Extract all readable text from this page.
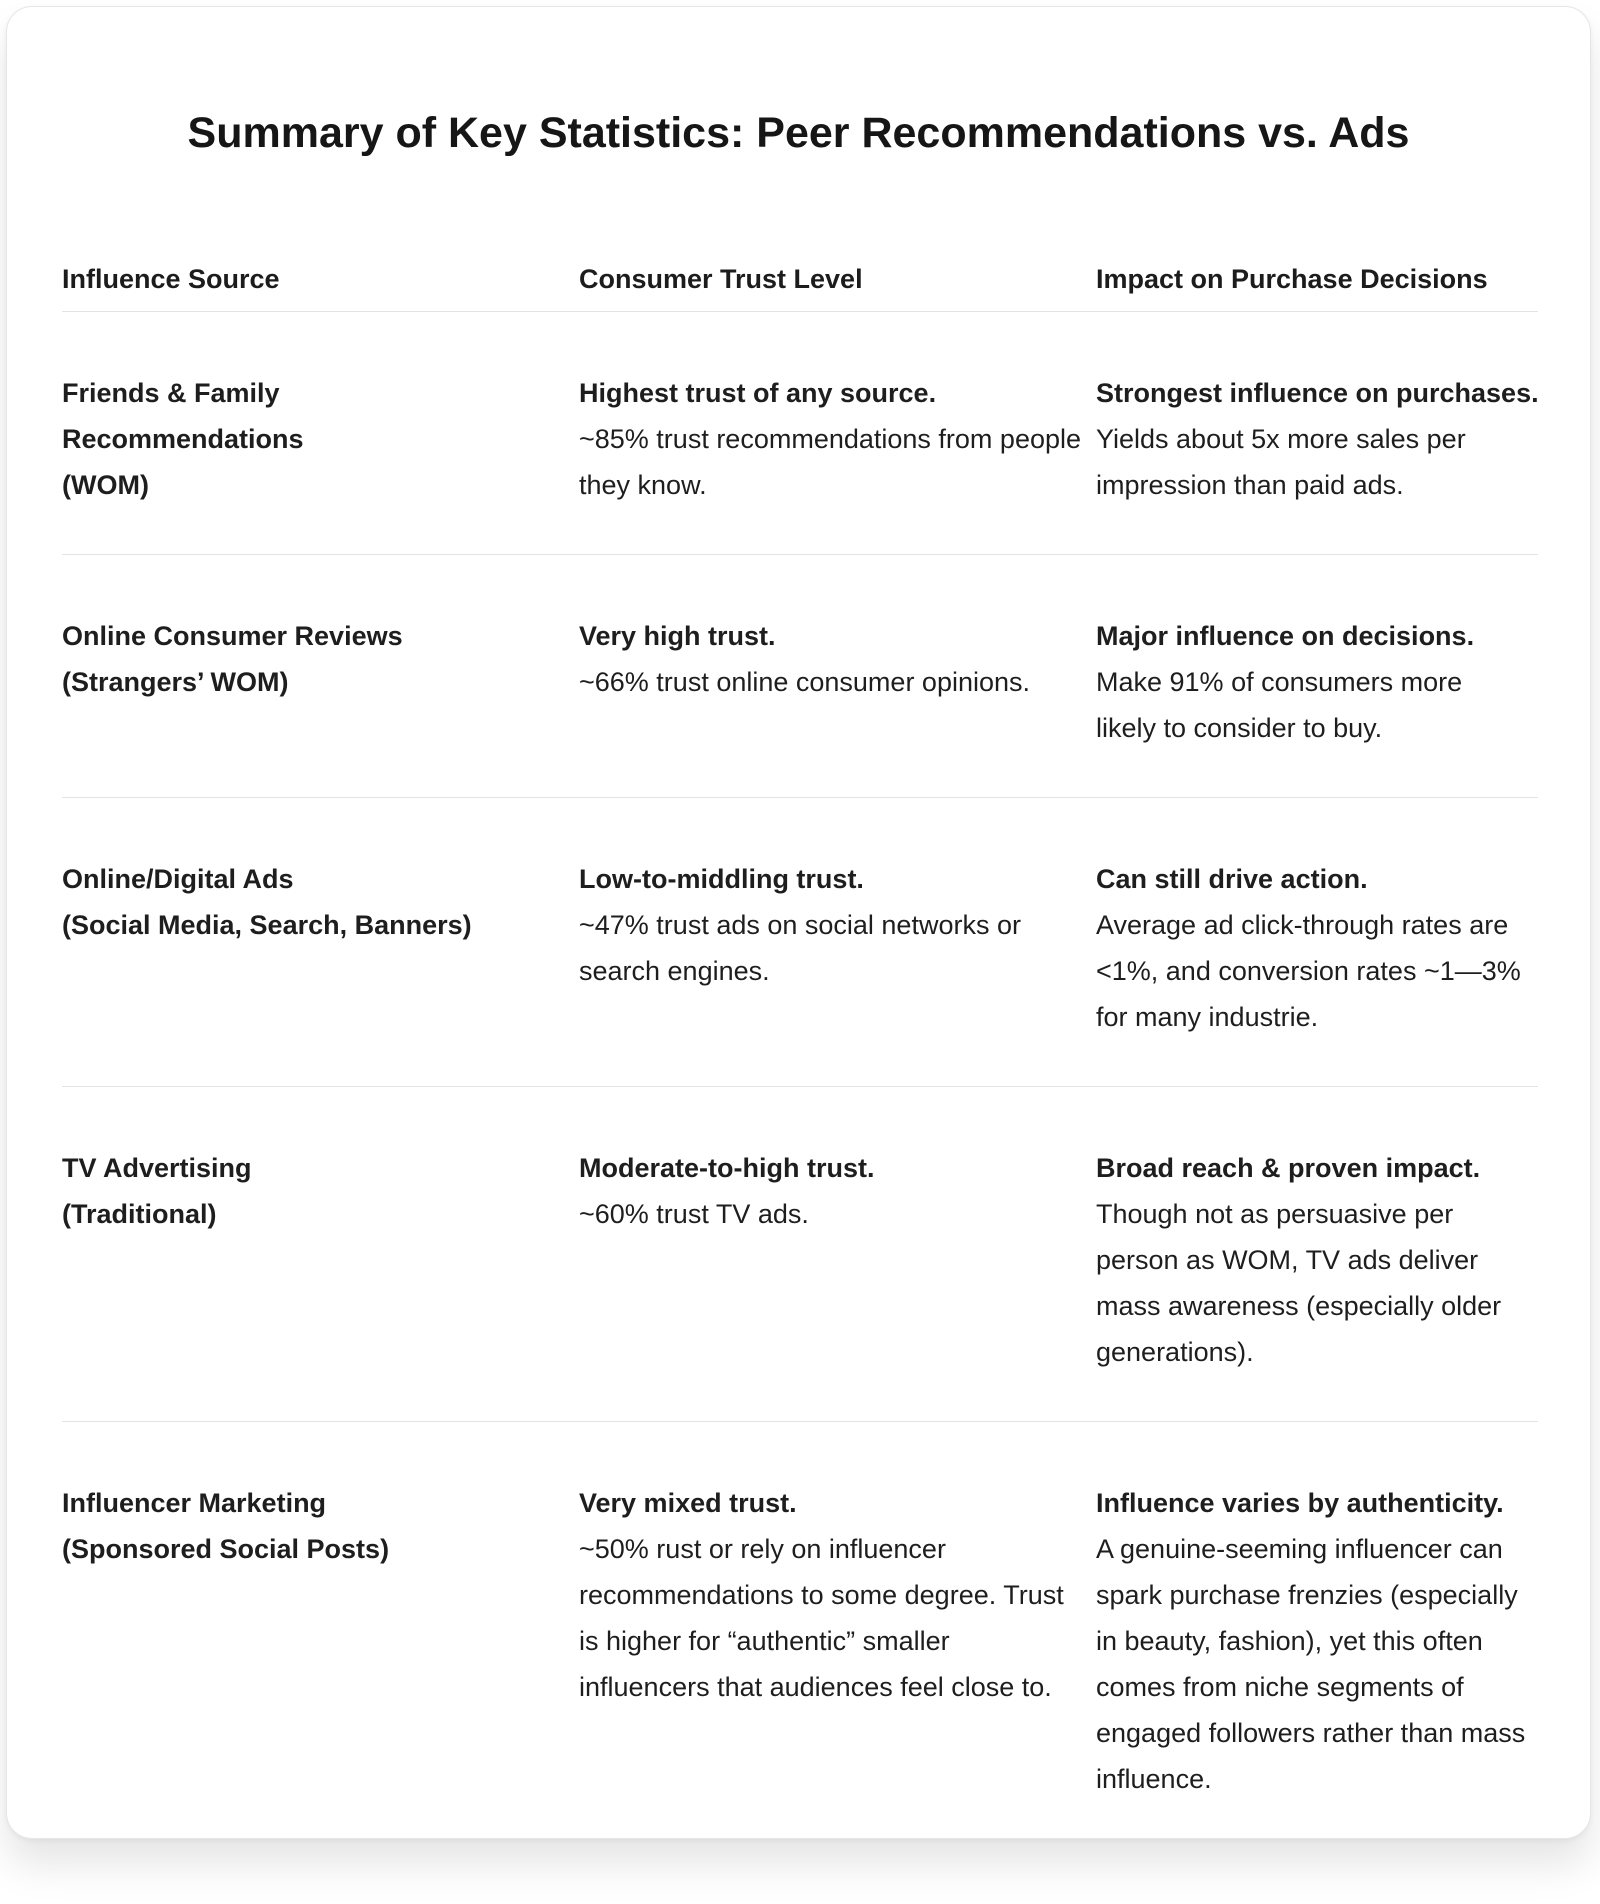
Summary of Key Statistics: Peer Recommendations vs. Ads
Influence Source	Consumer Trust Level	Impact on Purchase Decisions
Friends & Family
Recommendations
(WOM)
Highest trust of any source.
~85% trust recommendations from people they know.
Strongest influence on purchases.
Yields about 5x more sales per impression than paid ads.
Online Consumer Reviews
(Strangers’ WOM)
Very high trust.
~66% trust online consumer opinions.
Major influence on decisions.
Make 91% of consumers more likely to consider to buy.
Online/Digital Ads
(Social Media, Search, Banners)
Low-to-middling trust.
~47% trust ads on social networks or search engines.
Can still drive action.
Average ad click-through rates are <1%, and conversion rates ~1—3% for many industrie.
TV Advertising
(Traditional)
Moderate-to-high trust.
~60% trust TV ads.
Broad reach & proven impact.
Though not as persuasive per person as WOM, TV ads deliver mass awareness (especially older generations).
Influencer Marketing
(Sponsored Social Posts)
Very mixed trust.
~50% rust or rely on influencer recommendations to some degree. Trust is higher for “authentic” smaller influencers that audiences feel close to.
Influence varies by authenticity.
A genuine-seeming influencer can spark purchase frenzies (especially in beauty, fashion), yet this often comes from niche segments of engaged followers rather than mass influence.
